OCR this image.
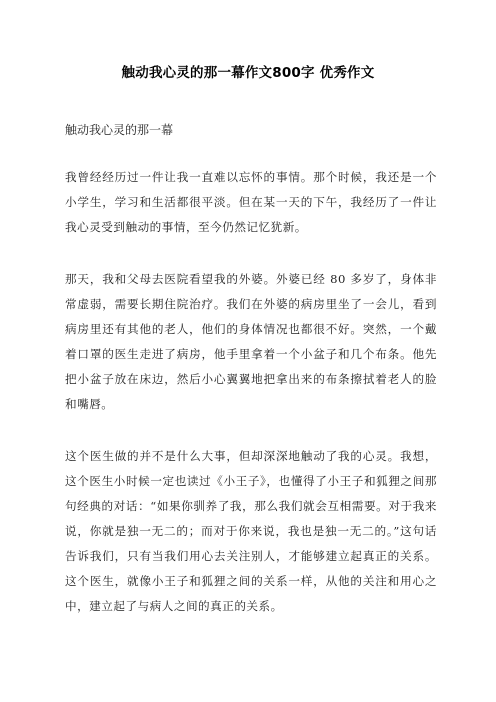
触动我心灵的那一幕作文800字 优秀作文
触动我心灵的那一幕

我曾经经历过一件让我一直难以忘怀的事情。那个时候，我还是一个小学生，学习和生活都很平淡。但在某一天的下午，我经历了一件让我心灵受到触动的事情，至今仍然记忆犹新。

那天，我和父母去医院看望我的外婆。外婆已经 80 多岁了，身体非常虚弱，需要长期住院治疗。我们在外婆的病房里坐了一会儿，看到病房里还有其他的老人，他们的身体情况也都很不好。突然，一个戴着口罩的医生走进了病房，他手里拿着一个小盆子和几个布条。他先把小盆子放在床边，然后小心翼翼地把拿出来的布条擦拭着老人的脸和嘴唇。

这个医生做的并不是什么大事，但却深深地触动了我的心灵。我想，这个医生小时候一定也读过《小王子》，也懂得了小王子和狐狸之间那句经典的对话：“如果你驯养了我，那么我们就会互相需要。对于我来说，你就是独一无二的；而对于你来说，我也是独一无二的。”这句话告诉我们，只有当我们用心去关注别人，才能够建立起真正的关系。这个医生，就像小王子和狐狸之间的关系一样，从他的关注和用心之中，建立起了与病人之间的真正的关系。
